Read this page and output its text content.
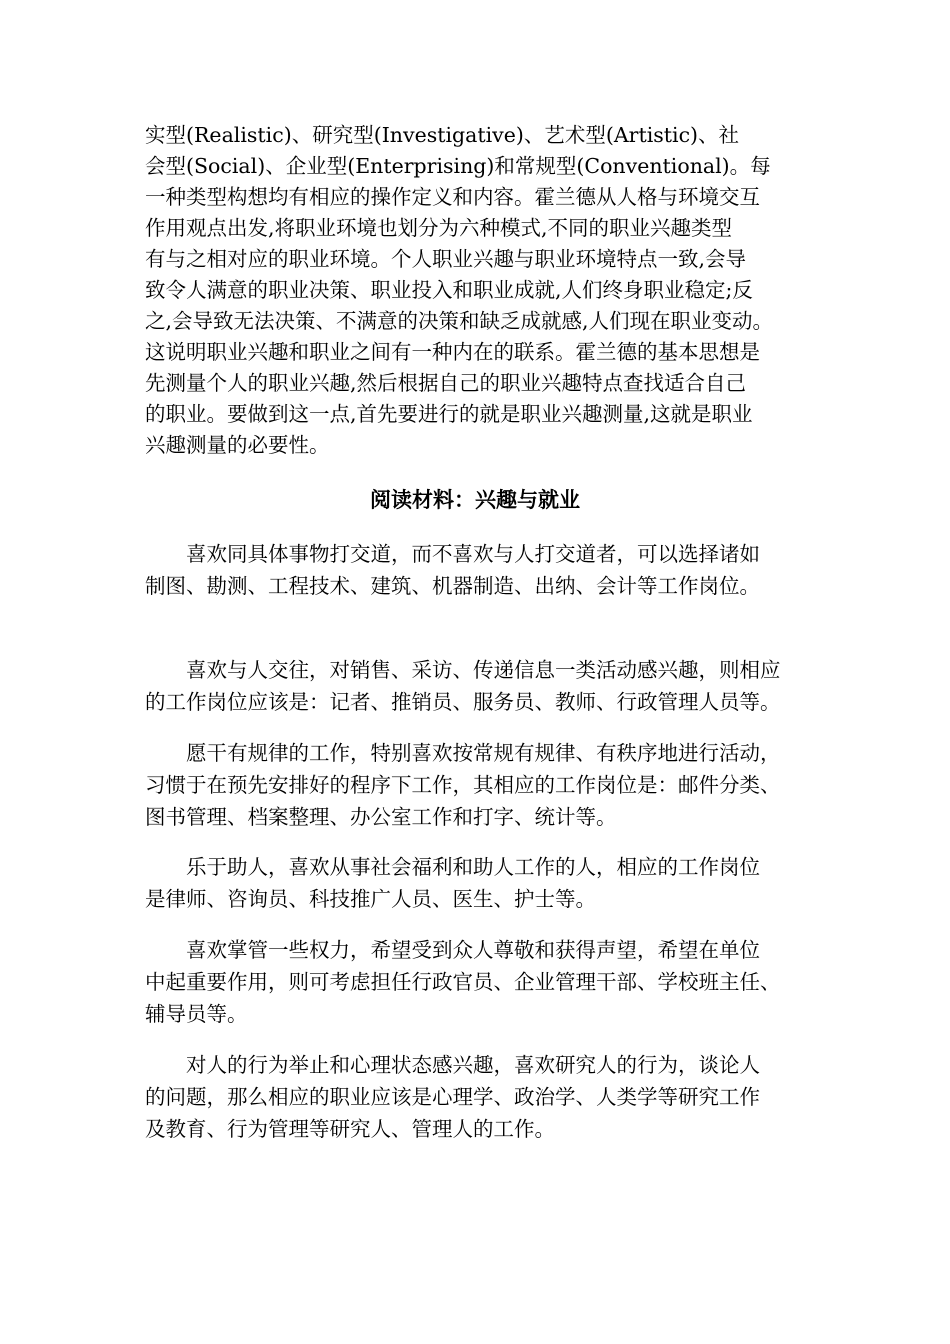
实型(Realistic)、研究型(Investigative)、艺术型(Artistic)、社
会型(Social)、企业型(Enterprising)和常规型(Conventional)。每
一种类型构想均有相应的操作定义和内容。霍兰德从人格与环境交互
作用观点出发,将职业环境也划分为六种模式,不同的职业兴趣类型
有与之相对应的职业环境。个人职业兴趣与职业环境特点一致,会导
致令人满意的职业决策、职业投入和职业成就,人们终身职业稳定;反
之,会导致无法决策、不满意的决策和缺乏成就感,人们现在职业变动。
这说明职业兴趣和职业之间有一种内在的联系。霍兰德的基本思想是
先测量个人的职业兴趣,然后根据自己的职业兴趣特点查找适合自己
的职业。要做到这一点,首先要进行的就是职业兴趣测量,这就是职业
兴趣测量的必要性。
阅读材料：兴趣与就业
　　喜欢同具体事物打交道，而不喜欢与人打交道者，可以选择诸如
制图、勘测、工程技术、建筑、机器制造、出纳、会计等工作岗位。
　　喜欢与人交往，对销售、采访、传递信息一类活动感兴趣，则相应
的工作岗位应该是：记者、推销员、服务员、教师、行政管理人员等。
　　愿干有规律的工作，特别喜欢按常规有规律、有秩序地进行活动，
习惯于在预先安排好的程序下工作，其相应的工作岗位是：邮件分类、
图书管理、档案整理、办公室工作和打字、统计等。
　　乐于助人，喜欢从事社会福利和助人工作的人，相应的工作岗位
是律师、咨询员、科技推广人员、医生、护士等。
　　喜欢掌管一些权力，希望受到众人尊敬和获得声望，希望在单位
中起重要作用，则可考虑担任行政官员、企业管理干部、学校班主任、
辅导员等。
　　对人的行为举止和心理状态感兴趣，喜欢研究人的行为，谈论人
的问题，那么相应的职业应该是心理学、政治学、人类学等研究工作
及教育、行为管理等研究人、管理人的工作。
